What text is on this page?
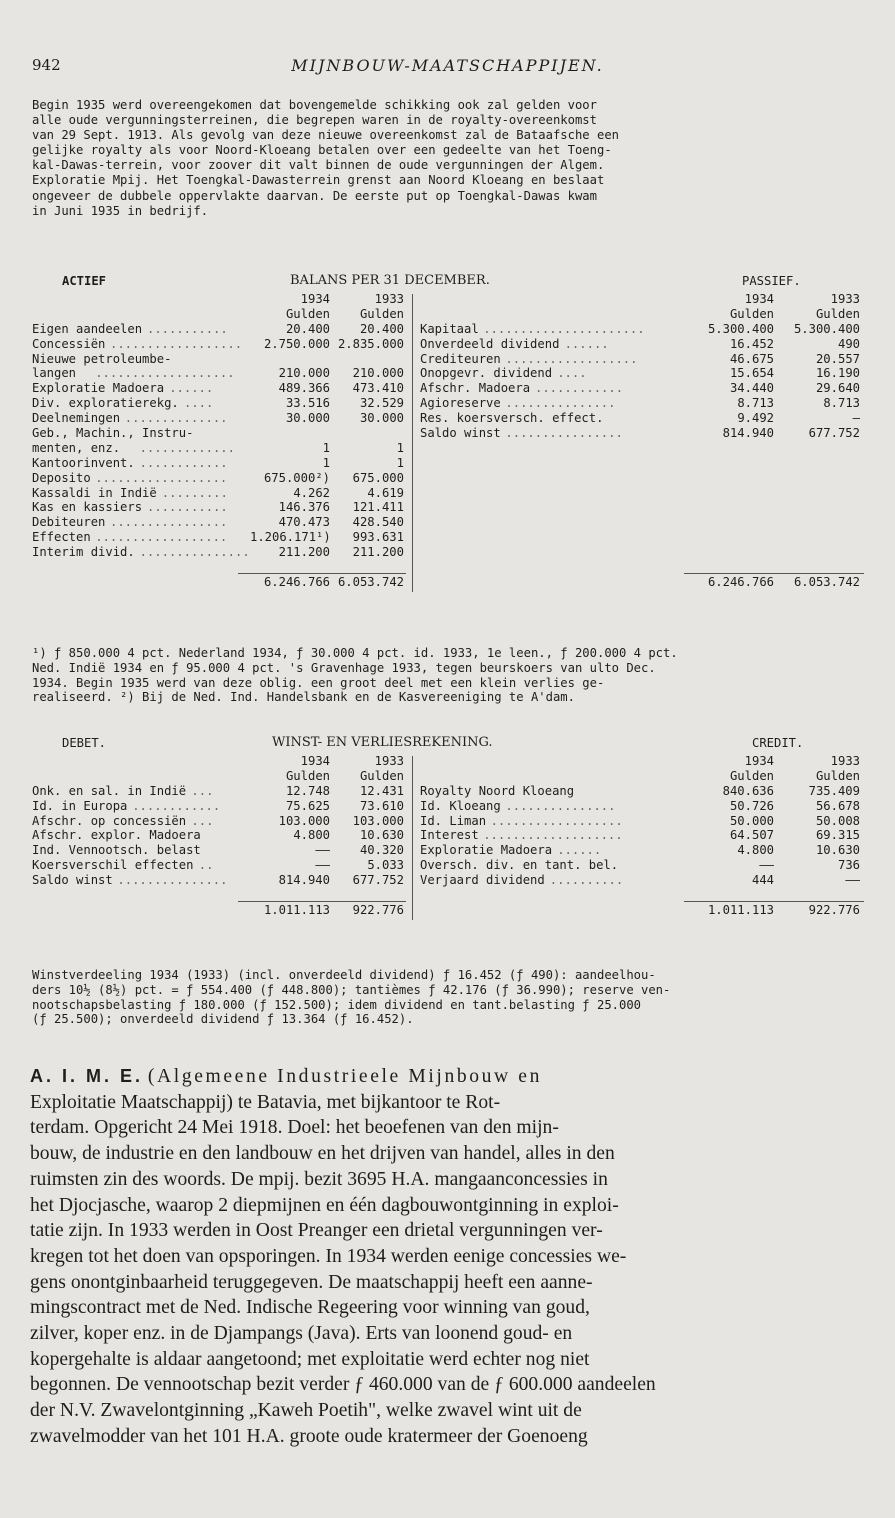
942	MIJNBOUW-MAATSCHAPPIJEN.
Begin 1935 werd overeengekomen dat bovengemelde schikking ook zal gelden voor
alle oude vergunningsterreinen, die begrepen waren in de royalty-overeenkomst
van 29 Sept. 1913. Als gevolg van deze nieuwe overeenkomst zal de Bataafsche een
gelijke royalty als voor Noord-Kloeang betalen over een gedeelte van het Toeng-
kal-Dawas-terrein, voor zoover dit valt binnen de oude vergunningen der Algem.
Exploratie Mpij. Het Toengkal-Dawasterrein grenst aan Noord Kloeang en beslaat
ongeveer de dubbele oppervlakte daarvan. De eerste put op Toengkal-Dawas kwam
in Juni 1935 in bedrijf.
ACTIEF	BALANS PER 31 DECEMBER.	PASSIEF.
1934	1933	1934	1933
Gulden	Gulden	Gulden	Gulden
Eigen aandeelen ...........	20.400	20.400 Kapitaal ......................	5.300.400	5.300.400
Concessiën ..................	2.750.000 2.835.000 Onverdeeld dividend ......	16.452	490
Nieuwe petroleumbe-	Crediteuren ..................	46.675	20.557
langen ...................	210.000	210.000 Onopgevr. dividend ....	15.654	16.190
Exploratie Madoera ......	489.366	473.410 Afschr. Madoera ............	34.440	29.640
Div. exploratierekg. ....	33.516	32.529 Agioreserve ...............	8.713	8.713
Deelnemingen ..............	30.000	30.000 Res. koersversch. effect.	9.492	—
Geb., Machin., Instru-	Saldo winst ................	814.940	677.752
menten, enz. .............	1	1
Kantoorinvent. ............	1	1
Deposito ..................	675.000²)	675.000
Kassaldi in Indië .........	4.262	4.619
Kas en kassiers ...........	146.376	121.411
Debiteuren ................	470.473	428.540
Effecten .................. 1.206.171¹)	993.631
Interim divid. ...............	211.200	211.200
6.246.766 6.053.742	6.246.766	6.053.742
¹) ƒ 850.000 4 pct. Nederland 1934, ƒ 30.000 4 pct. id. 1933, 1e leen., ƒ 200.000 4 pct.
Ned. Indië 1934 en ƒ 95.000 4 pct. 's Gravenhage 1933, tegen beurskoers van ulto Dec.
1934. Begin 1935 werd van deze oblig. een groot deel met een klein verlies ge-
realiseerd. ²) Bij de Ned. Ind. Handelsbank en de Kasvereeniging te A'dam.
DEBET.	WINST- EN VERLIESREKENING.	CREDIT.
1934	1933	1934	1933
Gulden	Gulden	Gulden	Gulden
Onk. en sal. in Indië ...	12.748	12.431 Royalty Noord Kloeang	840.636	735.409
Id. in Europa ............	75.625	73.610 Id. Kloeang ...............	50.726	56.678
Afschr. op concessiën ...	103.000	103.000 Id. Liman ..................	50.000	50.008
Afschr. explor. Madoera	4.800	10.630 Interest ...................	64.507	69.315
Ind. Vennootsch. belast	——	40.320 Exploratie Madoera ......	4.800	10.630
Koersverschil effecten ..	——	5.033 Oversch. div. en tant. bel.	——	736
Saldo winst ...............	814.940	677.752 Verjaard dividend ..........	444	——
1.011.113	922.776	1.011.113	922.776
Winstverdeeling 1934 (1933) (incl. onverdeeld dividend) ƒ 16.452 (ƒ 490): aandeelhou-
ders 10½ (8½) pct. = ƒ 554.400 (ƒ 448.800); tantièmes ƒ 42.176 (ƒ 36.990); reserve ven-
nootschapsbelasting ƒ 180.000 (ƒ 152.500); idem dividend en tant.belasting ƒ 25.000
(ƒ 25.500); onverdeeld dividend ƒ 13.364 (ƒ 16.452).
A. I. M. E. (Algemeene Industrieele Mijnbouw en
Exploitatie Maatschappij) te Batavia, met bijkantoor te Rot-
terdam. Opgericht 24 Mei 1918. Doel: het beoefenen van den mijn-
bouw, de industrie en den landbouw en het drijven van handel, alles in den
ruimsten zin des woords. De mpij. bezit 3695 H.A. mangaanconcessies in
het Djocjasche, waarop 2 diepmijnen en één dagbouwontginning in exploi-
tatie zijn. In 1933 werden in Oost Preanger een drietal vergunningen ver-
kregen tot het doen van opsporingen. In 1934 werden eenige concessies we-
gens onontginbaarheid teruggegeven. De maatschappij heeft een aanne-
mingscontract met de Ned. Indische Regeering voor winning van goud,
zilver, koper enz. in de Djampangs (Java). Erts van loonend goud- en
kopergehalte is aldaar aangetoond; met exploitatie werd echter nog niet
begonnen. De vennootschap bezit verder ƒ 460.000 van de ƒ 600.000 aandeelen
der N.V. Zwavelontginning „Kaweh Poetih", welke zwavel wint uit de
zwavelmodder van het 101 H.A. groote oude kratermeer der Goenoeng
